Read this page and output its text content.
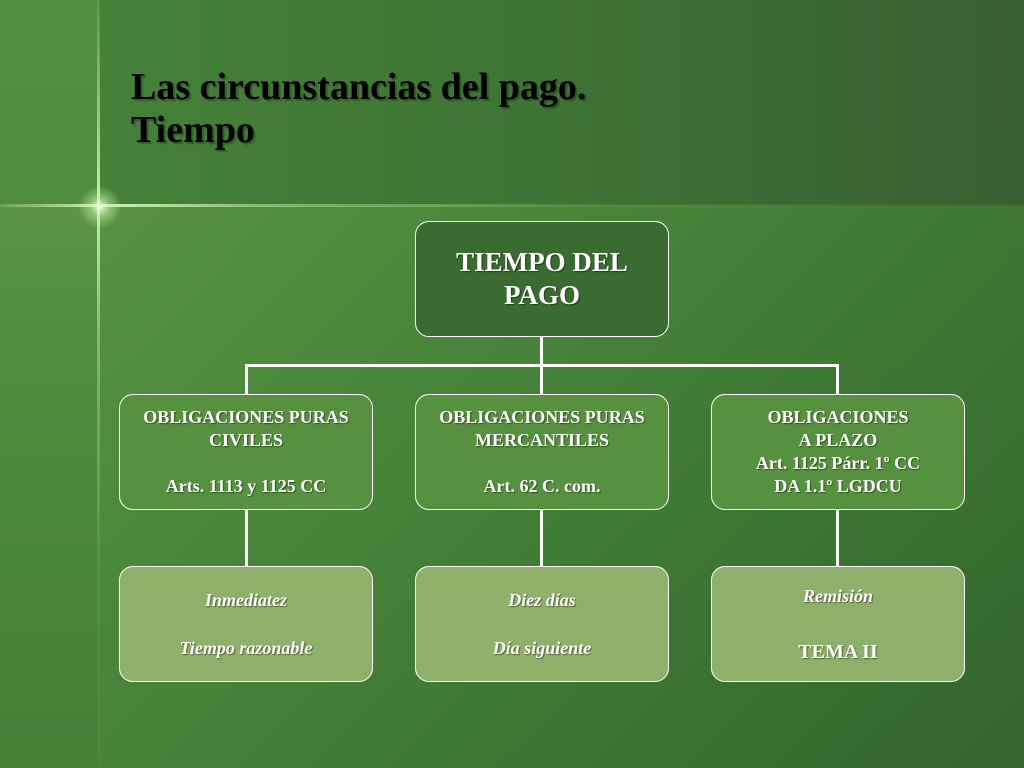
Las circunstancias del pago.
Tiempo
TIEMPO DEL
PAGO
OBLIGACIONES PURAS
CIVILES
Arts. 1113 y 1125 CC
OBLIGACIONES PURAS
MERCANTILES
Art. 62 C. com.
OBLIGACIONES
A PLAZO
Art. 1125 Párr. 1º CC
DA 1.1º LGDCU
Inmediatez
Tiempo razonable
Diez días
Día siguiente
Remisión
TEMA II
